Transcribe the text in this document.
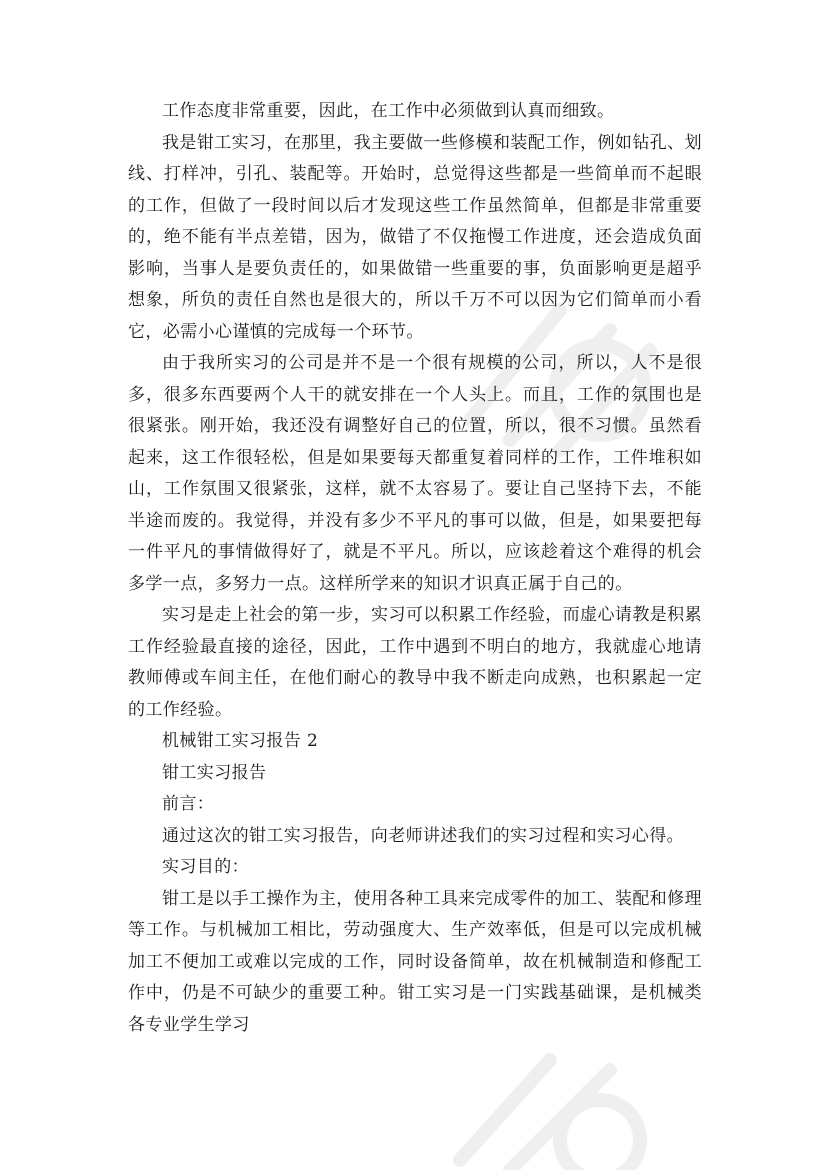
工作态度非常重要，因此，在工作中必须做到认真而细致。

我是钳工实习，在那里，我主要做一些修模和装配工作，例如钻孔、划线、打样冲，引孔、装配等。开始时，总觉得这些都是一些简单而不起眼的工作，但做了一段时间以后才发现这些工作虽然简单，但都是非常重要的，绝不能有半点差错，因为，做错了不仅拖慢工作进度，还会造成负面影响，当事人是要负责任的，如果做错一些重要的事，负面影响更是超乎想象，所负的责任自然也是很大的，所以千万不可以因为它们简单而小看它，必需小心谨慎的完成每一个环节。

由于我所实习的公司是并不是一个很有规模的公司，所以，人不是很多，很多东西要两个人干的就安排在一个人头上。而且，工作的氛围也是很紧张。刚开始，我还没有调整好自己的位置，所以，很不习惯。虽然看起来，这工作很轻松，但是如果要每天都重复着同样的工作，工件堆积如山，工作氛围又很紧张，这样，就不太容易了。要让自己坚持下去，不能半途而废的。我觉得，并没有多少不平凡的事可以做，但是，如果要把每一件平凡的事情做得好了，就是不平凡。所以，应该趁着这个难得的机会多学一点，多努力一点。这样所学来的知识才识真正属于自己的。

实习是走上社会的第一步，实习可以积累工作经验，而虚心请教是积累工作经验最直接的途径，因此，工作中遇到不明白的地方，我就虚心地请教师傅或车间主任，在他们耐心的教导中我不断走向成熟，也积累起一定的工作经验。

机械钳工实习报告 2

钳工实习报告

前言：

通过这次的钳工实习报告，向老师讲述我们的实习过程和实习心得。

实习目的：

钳工是以手工操作为主，使用各种工具来完成零件的加工、装配和修理等工作。与机械加工相比，劳动强度大、生产效率低，但是可以完成机械加工不便加工或难以完成的工作，同时设备简单，故在机械制造和修配工作中，仍是不可缺少的重要工种。钳工实习是一门实践基础课，是机械类各专业学生学习
